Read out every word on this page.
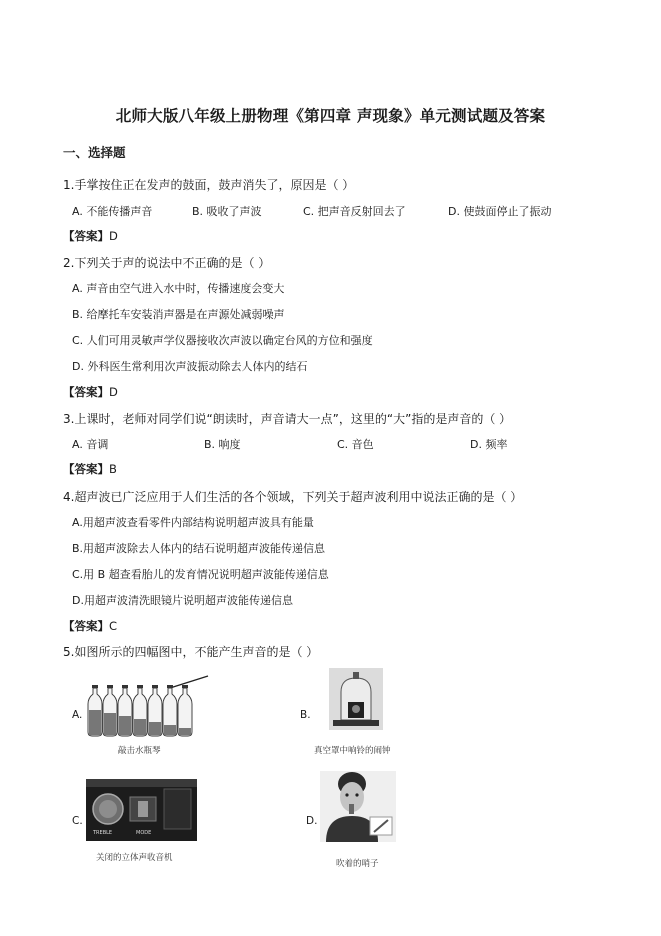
北师大版八年级上册物理《第四章 声现象》单元测试题及答案
一、选择题
1.手掌按住正在发声的鼓面，鼓声消失了，原因是（ ）
A. 不能传播声音	B. 吸收了声波	C. 把声音反射回去了	D. 使鼓面停止了振动
【答案】D
2.下列关于声的说法中不正确的是（ ）
A. 声音由空气进入水中时，传播速度会变大
B. 给摩托车安装消声器是在声源处减弱噪声
C. 人们可用灵敏声学仪器接收次声波以确定台风的方位和强度
D. 外科医生常利用次声波振动除去人体内的结石
【答案】D
3.上课时，老师对同学们说“朗读时，声音请大一点”，这里的“大”指的是声音的（ ）
A. 音调	B. 响度	C. 音色	D. 频率
【答案】B
4.超声波已广泛应用于人们生活的各个领域，下列关于超声波利用中说法正确的是（ ）
A.用超声波查看零件内部结构说明超声波具有能量
B.用超声波除去人体内的结石说明超声波能传递信息
C.用 B 超查看胎儿的发育情况说明超声波能传递信息
D.用超声波清洗眼镜片说明超声波能传递信息
【答案】C
5.如图所示的四幅图中，不能产生声音的是（ ）
A.
敲击水瓶琴
B.
真空罩中响铃的闹钟
C.
TREBLE	MODE
关闭的立体声收音机
D.
吹着的哨子
